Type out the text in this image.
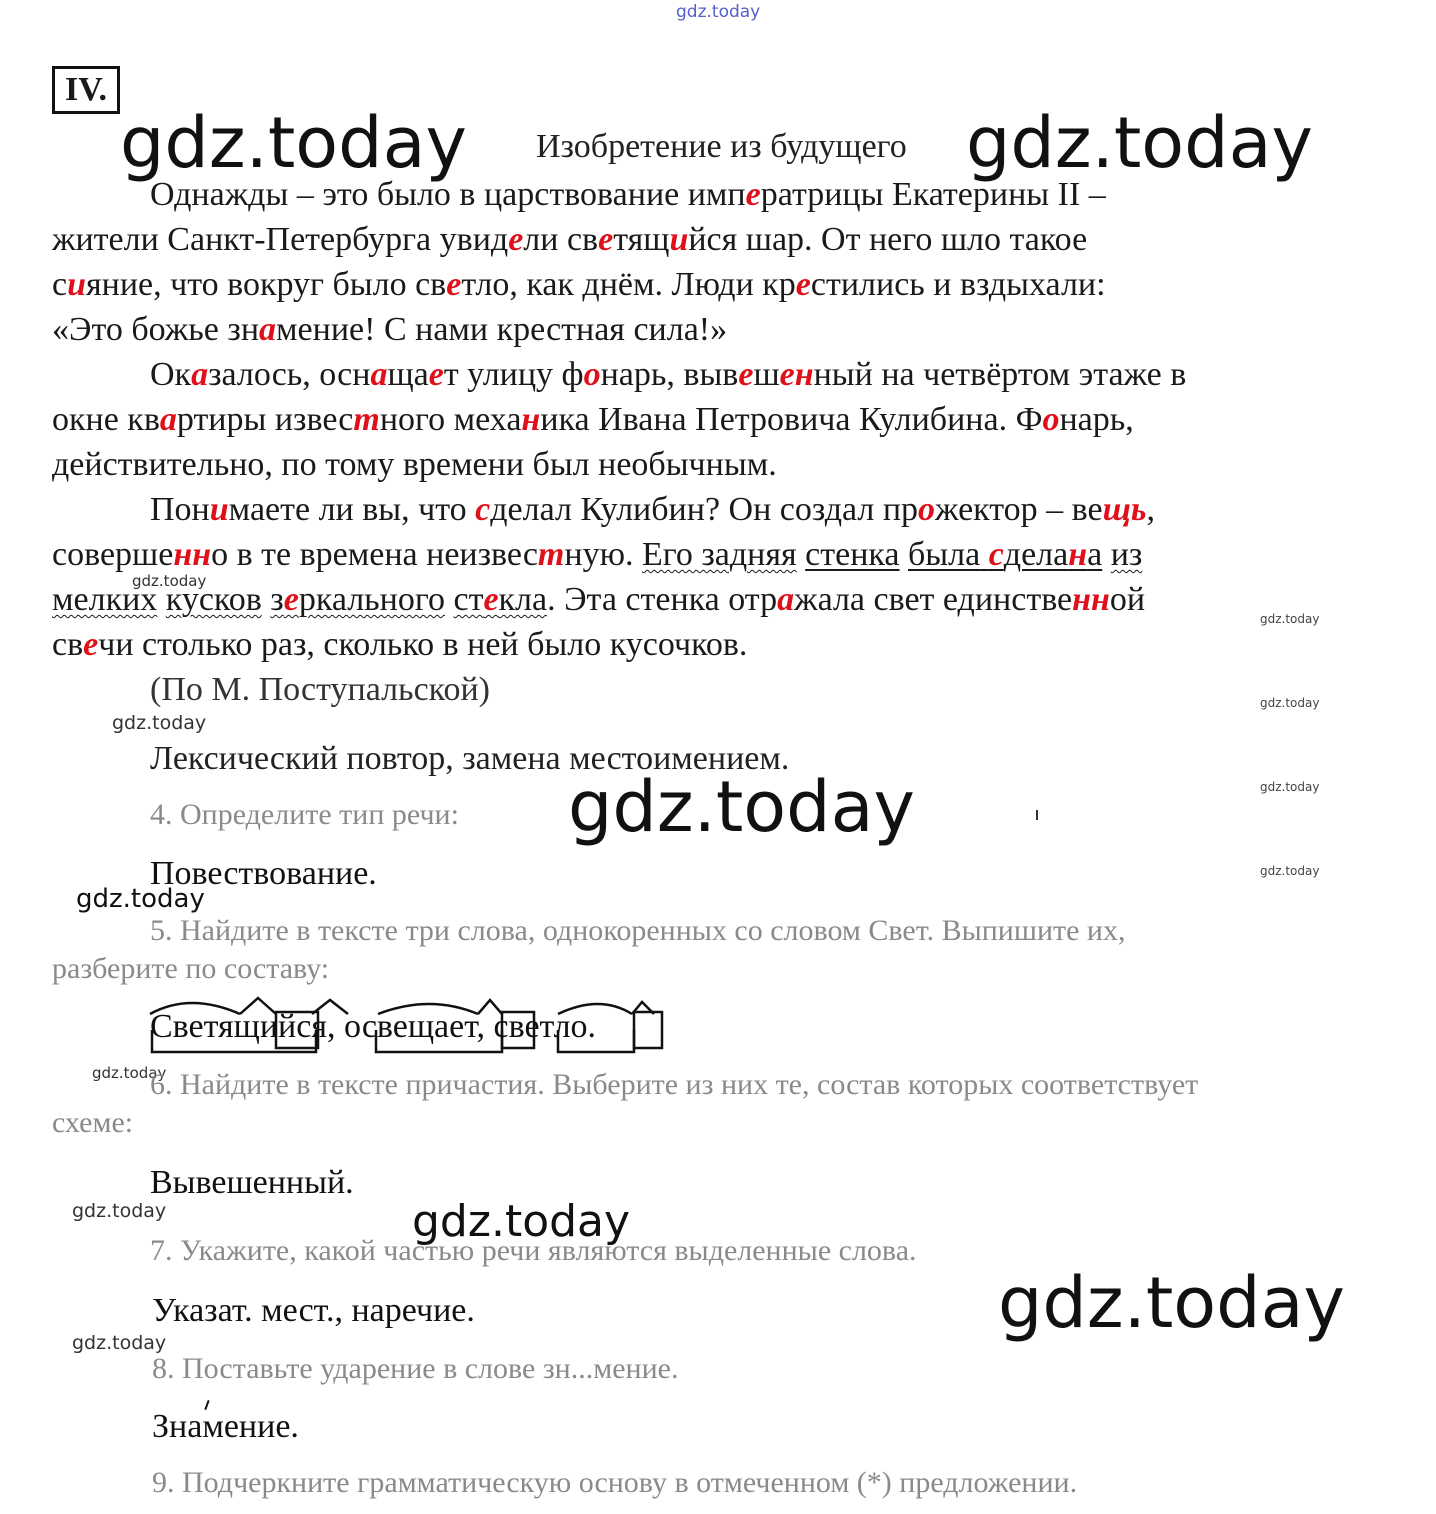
gdz.today
IV.
gdz.today	gdz.today
gdz.today
gdz.today
gdz.today
gdz.today
gdz.today
gdz.today
gdz.today
gdz.today
gdz.today
gdz.today
gdz.today
gdz.today
gdz.today
Изобретение из будущего
Однажды – это было в царствование императрицы Екатерины II –
жители Санкт-Петербурга увидели светящийся шар. От него шло такое
сияние, что вокруг было светло, как днём. Люди крестились и вздыхали:
«Это божье знамение! С нами крестная сила!»
Оказалось, оснащает улицу фонарь, вывешенный на четвёртом этаже в
окне квартиры известного механика Ивана Петровича Кулибина. Фонарь,
действительно, по тому времени был необычным.
Понимаете ли вы, что сделал Кулибин? Он создал прожектор – вещь,
совершенно в те времена неизвестную. Его задняя стенка была сделана из
мелких кусков зеркального стекла. Эта стенка отражала свет единственной
свечи столько раз, сколько в ней было кусочков.
(По М. Поступальской)
Лексический повтор, замена местоимением.
4. Определите тип речи:
Повествование.
5. Найдите в тексте три слова, однокоренных со словом Свет. Выпишите их,
разберите по составу:
Светящийся, освещает, светло.
6. Найдите в тексте причастия. Выберите из них те, состав которых соответствует
схеме:
Вывешенный.
7. Укажите, какой частью речи являются выделенные слова.
Указат. мест., наречие.
8. Поставьте ударение в слове зн...мение.
Знамение.
9. Подчеркните грамматическую основу в отмеченном (*) предложении.
